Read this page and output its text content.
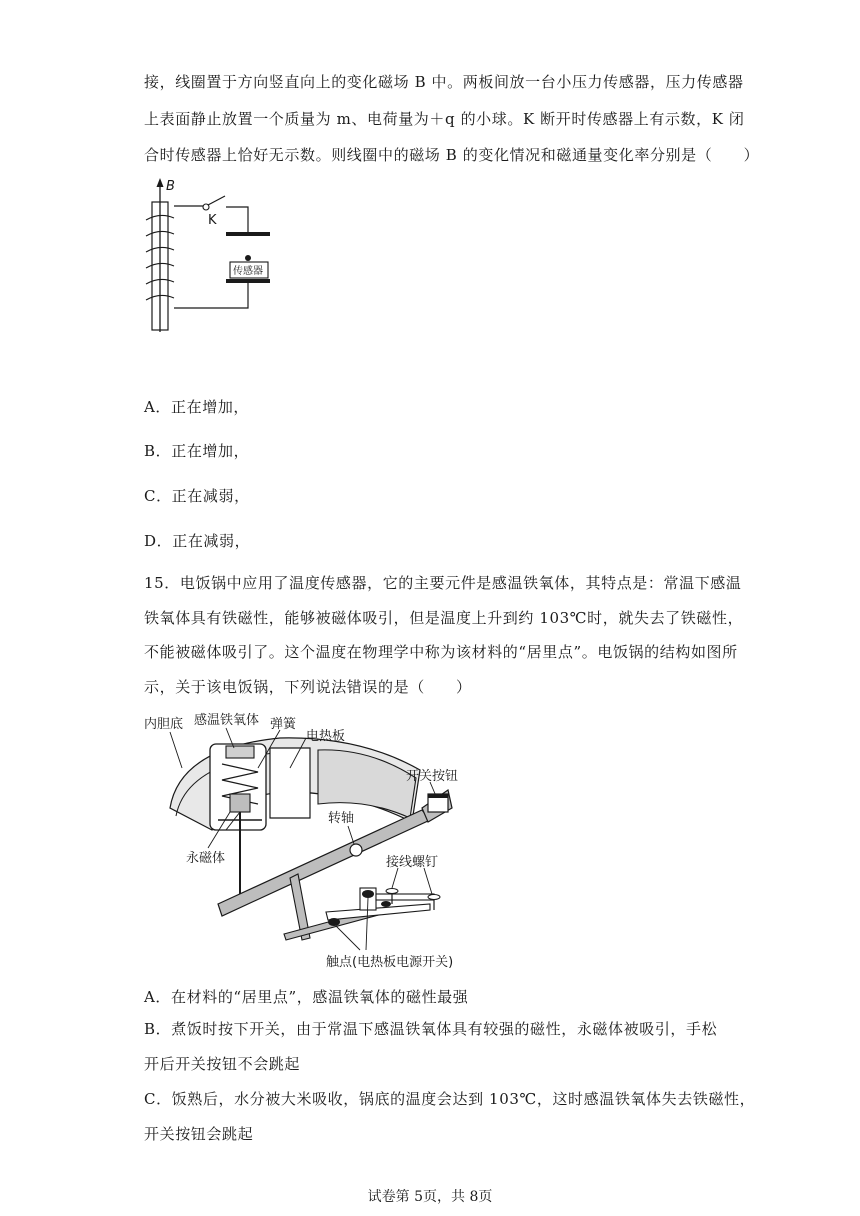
接，线圈置于方向竖直向上的变化磁场 B 中。两板间放一台小压力传感器，压力传感器
上表面静止放置一个质量为 m、电荷量为＋q 的小球。K 断开时传感器上有示数，K 闭
合时传感器上恰好无示数。则线圈中的磁场 B 的变化情况和磁通量变化率分别是（　　）
B
K
传感器
A．正在增加，
B．正在增加，
C．正在减弱，
D．正在减弱，
15．电饭锅中应用了温度传感器，它的主要元件是感温铁氧体，其特点是：常温下感温
铁氧体具有铁磁性，能够被磁体吸引，但是温度上升到约 103℃时，就失去了铁磁性，
不能被磁体吸引了。这个温度在物理学中称为该材料的“居里点”。电饭锅的结构如图所
示，关于该电饭锅，下列说法错误的是（　　）
内胆底 感温铁氧体 弹簧
电热板
开关按钮
转轴
永磁体	接线螺钉
触点(电热板电源开关)
A．在材料的“居里点”，感温铁氧体的磁性最强
B．煮饭时按下开关，由于常温下感温铁氧体具有较强的磁性，永磁体被吸引，手松
开后开关按钮不会跳起
C．饭熟后，水分被大米吸收，锅底的温度会达到 103℃，这时感温铁氧体失去铁磁性，
开关按钮会跳起
试卷第 5页，共 8页
